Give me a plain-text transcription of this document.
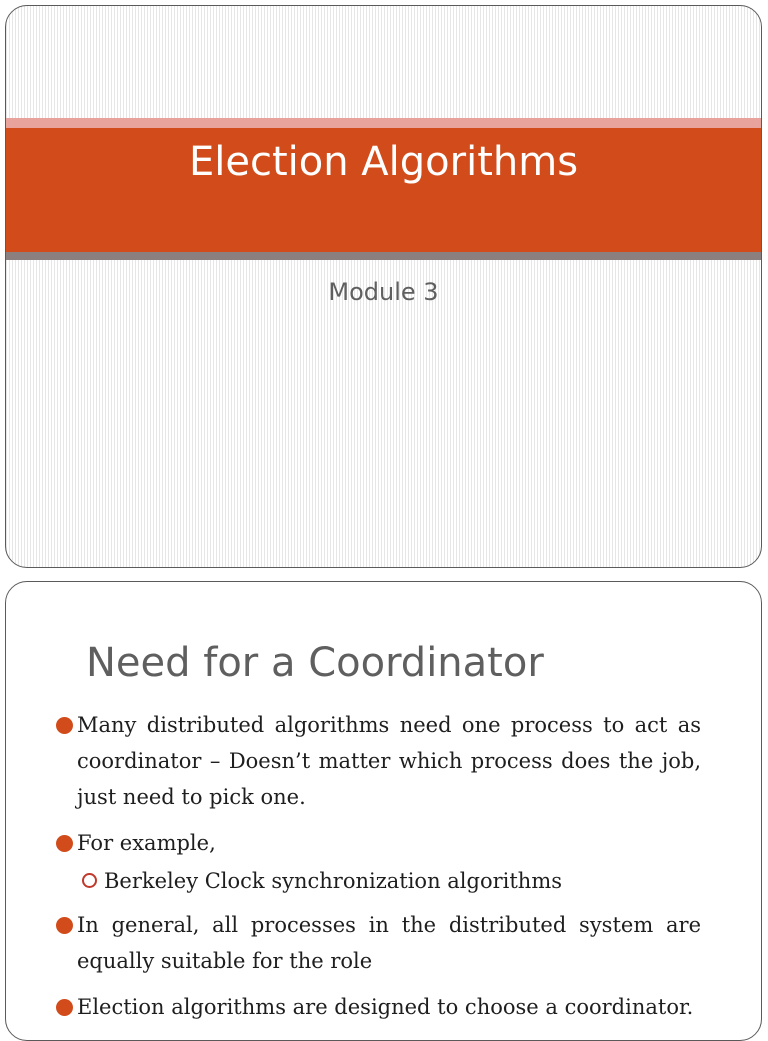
Election Algorithms
Module 3
Need for a Coordinator
Many distributed algorithms need one process to act as coordinator – Doesn’t matter which process does the job, just need to pick one.
For example,
Berkeley Clock synchronization algorithms
In general, all processes in the distributed system are equally suitable for the role
Election algorithms are designed to choose a coordinator.
